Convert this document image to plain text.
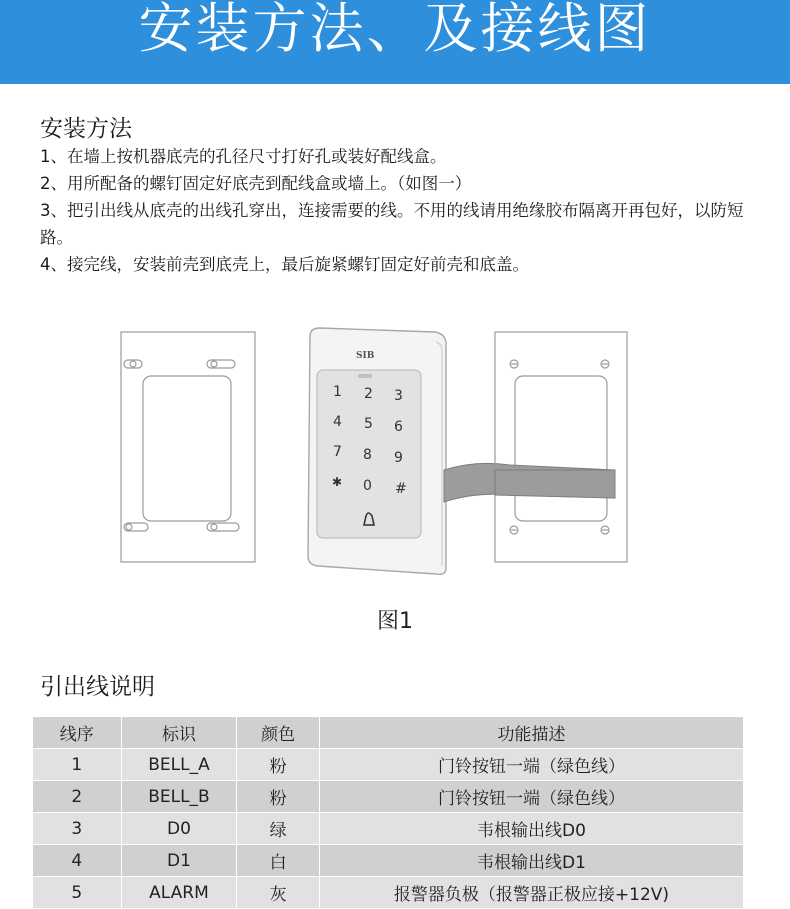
安装方法、及接线图
安装方法
1、在墙上按机器底壳的孔径尺寸打好孔或装好配线盒。
2、用所配备的螺钉固定好底壳到配线盒或墙上。（如图一）
3、把引出线从底壳的出线孔穿出，连接需要的线。不用的线请用绝缘胶布隔离开再包好，以防短路。
4、接完线，安装前壳到底壳上，最后旋紧螺钉固定好前壳和底盖。
SIB
1 2 3
4 5 6
7 8 9
✱ 0 #
图1
引出线说明
线序	标识	颜色	功能描述
1	BELL_A	粉	门铃按钮一端（绿色线）
2	BELL_B	粉	门铃按钮一端（绿色线）
3	D0	绿	韦根输出线D0
4	D1	白	韦根输出线D1
5	ALARM	灰	报警器负极（报警器正极应接+12V)
